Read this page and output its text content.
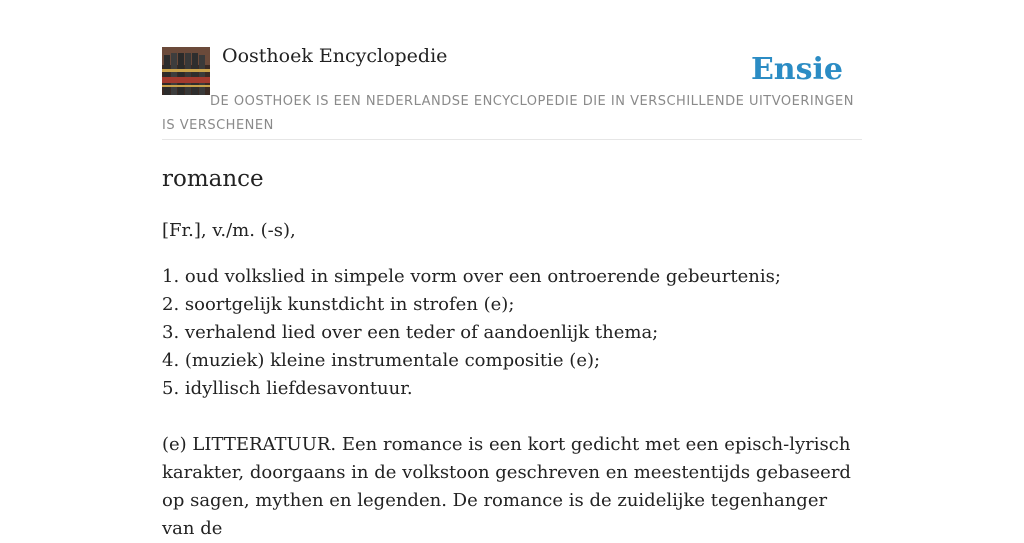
Oosthoek Encyclopedie	Ensie
DE OOSTHOEK IS EEN NEDERLANDSE ENCYCLOPEDIE DIE IN VERSCHILLENDE UITVOERINGEN IS VERSCHENEN
romance
[Fr.], v./m. (-s),
1. oud volkslied in simpele vorm over een ontroerende gebeurtenis;
2. soortgelijk kunstdicht in strofen (e);
3. verhalend lied over een teder of aandoenlijk thema;
4. (muziek) kleine instrumentale compositie (e);
5. idyllisch liefdesavontuur.

(e) LITTERATUUR. Een romance is een kort gedicht met een episch-lyrisch karakter, doorgaans in de volkstoon geschreven en meestentijds gebaseerd op sagen, mythen en legenden. De romance is de zuidelijke tegenhanger van de
